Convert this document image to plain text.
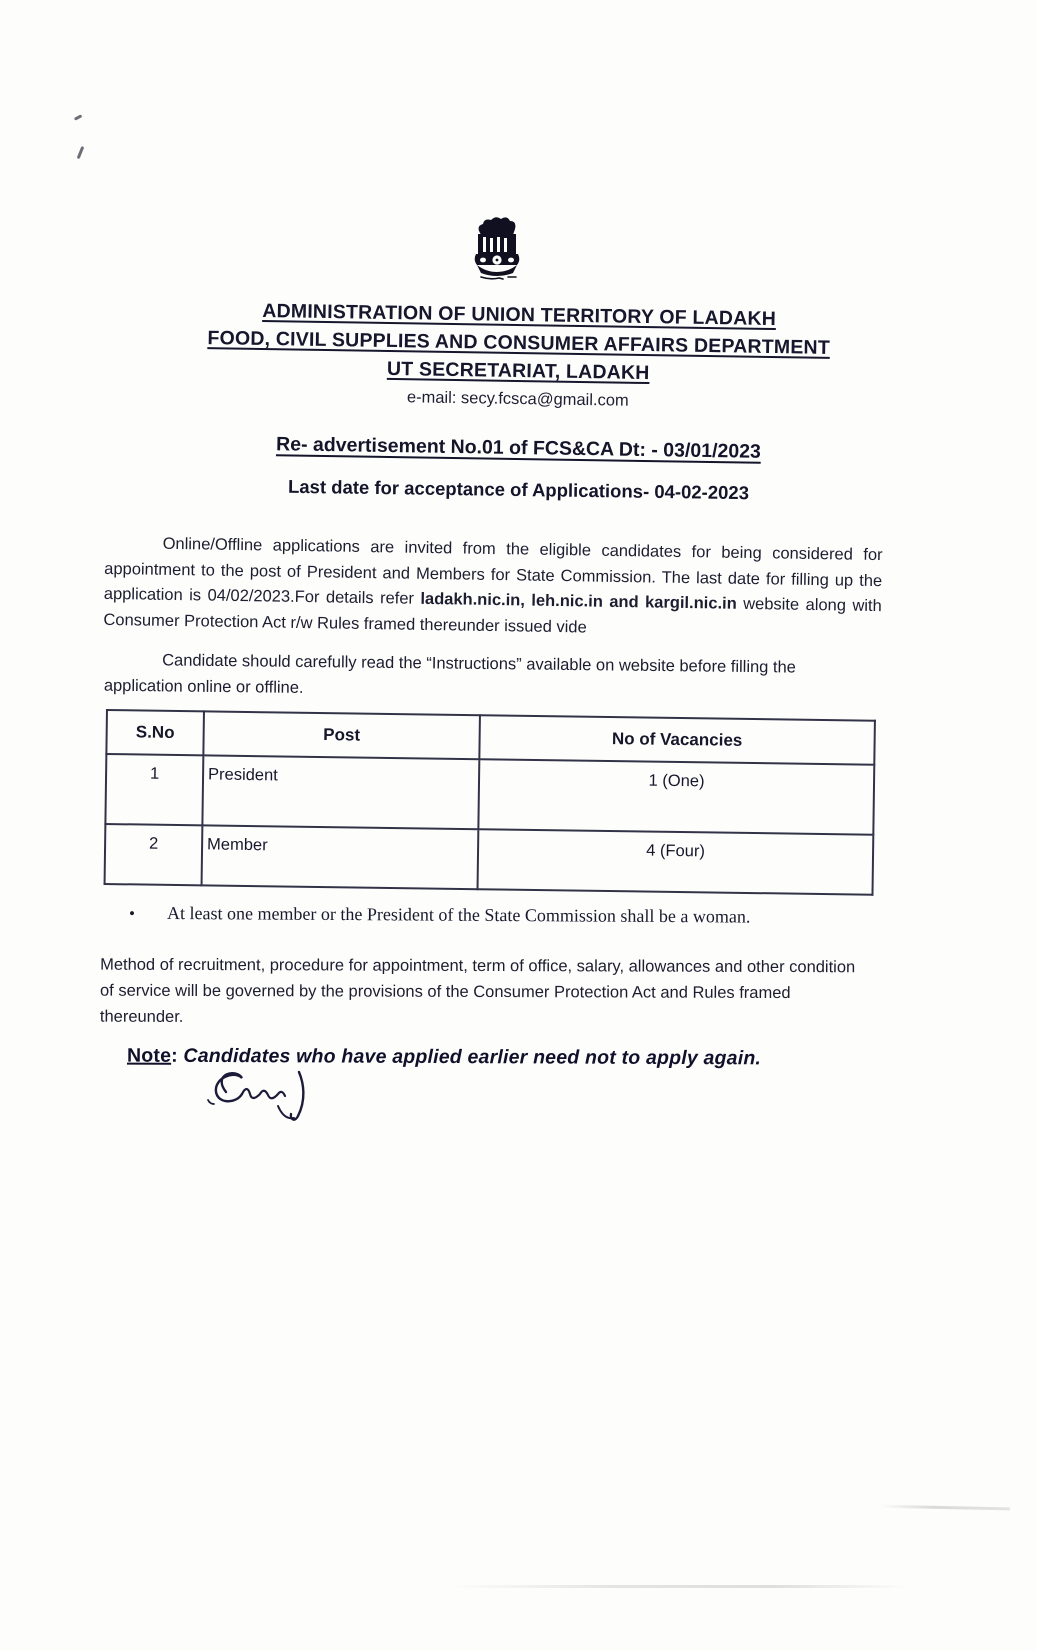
ADMINISTRATION OF UNION TERRITORY OF LADAKH
FOOD, CIVIL SUPPLIES AND CONSUMER AFFAIRS DEPARTMENT
UT SECRETARIAT, LADAKH
e-mail: secy.fcsca@gmail.com
Re- advertisement No.01 of FCS&CA Dt: - 03/01/2023
Last date for acceptance of Applications- 04-02-2023
Online/Offline applications are invited from the eligible candidates for being considered for appointment to the post of President and Members for State Commission. The last date for filling up the application is 04/02/2023.For details refer ladakh.nic.in, leh.nic.in and kargil.nic.in website along with Consumer Protection Act r/w Rules framed thereunder issued vide
Candidate should carefully read the “Instructions” available on website before filling the application online or offline.
S.No	Post	No of Vacancies
1	President	1 (One)
2	Member	4 (Four)
• At least one member or the President of the State Commission shall be a woman.
Method of recruitment, procedure for appointment, term of office, salary, allowances and other condition of service will be governed by the provisions of the Consumer Protection Act and Rules framed thereunder.
Note: Candidates who have applied earlier need not to apply again.
